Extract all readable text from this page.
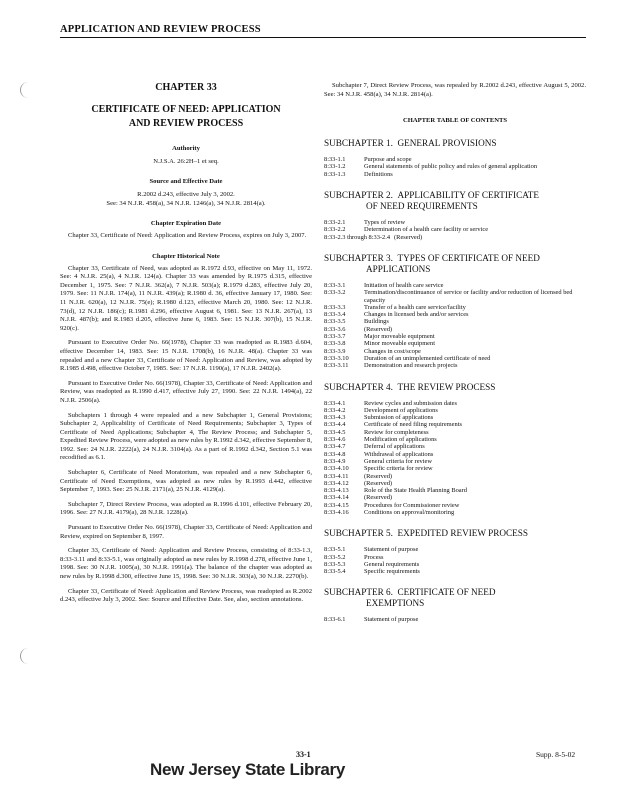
APPLICATION AND REVIEW PROCESS
CHAPTER 33
CERTIFICATE OF NEED: APPLICATION
AND REVIEW PROCESS
Authority
N.J.S.A. 26:2H–1 et seq.
Source and Effective Date
R.2002 d.243, effective July 3, 2002.
See: 34 N.J.R. 458(a), 34 N.J.R. 1246(a), 34 N.J.R. 2814(a).
Chapter Expiration Date

Chapter 33, Certificate of Need: Application and Review Process, expires on July 3, 2007.

Chapter Historical Note

Chapter 33, Certificate of Need, was adopted as R.1972 d.93, effective on May 11, 1972. See: 4 N.J.R. 25(a), 4 N.J.R. 124(a). Chapter 33 was amended by R.1975 d.315, effective December 1, 1975. See: 7 N.J.R. 362(a), 7 N.J.R. 503(a); R.1979 d.283, effective July 20, 1979. See: 11 N.J.R. 174(a), 11 N.J.R. 439(a); R.1980 d. 36, effective January 17, 1980. See: 11 N.J.R. 620(a), 12 N.J.R. 75(e); R.1980 d.123, effective March 20, 1980. See: 12 N.J.R. 73(d), 12 N.J.R. 186(c); R.1981 d.296, effective August 6, 1981. See: 13 N.J.R. 267(a), 13 N.J.R. 487(b); and R.1983 d.205, effective June 6, 1983. See: 15 N.J.R. 307(b), 15 N.J.R. 920(c).

Pursuant to Executive Order No. 66(1978), Chapter 33 was readopted as R.1983 d.604, effective December 14, 1983. See: 15 N.J.R. 1708(b), 16 N.J.R. 48(a). Chapter 33 was repealed and a new Chapter 33, Certificate of Need: Application and Review, was adopted by R.1985 d.498, effective October 7, 1985. See: 17 N.J.R. 1190(a), 17 N.J.R. 2402(a).

Pursuant to Executive Order No. 66(1978), Chapter 33, Certificate of Need: Application and Review, was readopted as R.1990 d.417, effective July 27, 1990. See: 22 N.J.R. 1494(a), 22 N.J.R. 2506(a).

Subchapters 1 through 4 were repealed and a new Subchapter 1, General Provisions; Subchapter 2, Applicability of Certificate of Need Requirements; Subchapter 3, Types of Certificate of Need Applications; Subchapter 4, The Review Process; and Subchapter 5, Expedited Review Process, were adopted as new rules by R.1992 d.342, effective September 8, 1992. See: 24 N.J.R. 2222(a), 24 N.J.R. 3104(a). As a part of R.1992 d.342, Section 5.1 was recodified as 6.1.

Subchapter 6, Certificate of Need Moratorium, was repealed and a new Subchapter 6, Certificate of Need Exemptions, was adopted as new rules by R.1993 d.442, effective September 7, 1993. See: 25 N.J.R. 2171(a), 25 N.J.R. 4129(a).

Subchapter 7, Direct Review Process, was adopted as R.1996 d.101, effective February 20, 1996. See: 27 N.J.R. 4179(a), 28 N.J.R. 1228(a).

Pursuant to Executive Order No. 66(1978), Chapter 33, Certificate of Need: Application and Review, expired on September 8, 1997.

Chapter 33, Certificate of Need: Application and Review Process, consisting of 8:33-1.3, 8:33-3.11 and 8:33-5.1, was originally adopted as new rules by R.1998 d.278, effective June 1, 1998. See: 30 N.J.R. 1005(a), 30 N.J.R. 1991(a). The balance of the chapter was adopted as new rules by R.1998 d.300, effective June 15, 1998. See: 30 N.J.R. 303(a), 30 N.J.R. 2270(b).

Chapter 33, Certificate of Need: Application and Review Process, was readopted as R.2002 d.243, effective July 3, 2002. See: Source and Effective Date. See, also, section annotations.

Subchapter 7, Direct Review Process, was repealed by R.2002 d.243, effective August 5, 2002. See: 34 N.J.R. 458(a), 34 N.J.R. 2814(a).

CHAPTER TABLE OF CONTENTS
SUBCHAPTER 1. GENERAL PROVISIONS
8:33-1.1	Purpose and scope
8:33-1.2	General statements of public policy and rules of general application
8:33-1.3	Definitions
SUBCHAPTER 2. APPLICABILITY OF CERTIFICATE
OF NEED REQUIREMENTS
8:33-2.1	Types of review
8:33-2.2	Determination of a health care facility or service
8:33-2.3 through 8:33-2.4 (Reserved)
SUBCHAPTER 3. TYPES OF CERTIFICATE OF NEED
APPLICATIONS
8:33-3.1	Initiation of health care service
8:33-3.2	Termination/discontinuance of service or facility and/or reduction of licensed bed capacity
8:33-3.3	Transfer of a health care service/facility
8:33-3.4	Changes in licensed beds and/or services
8:33-3.5	Buildings
8:33-3.6	(Reserved)
8:33-3.7	Major moveable equipment
8:33-3.8	Minor moveable equipment
8:33-3.9	Changes in cost/scope
8:33-3.10	Duration of an unimplemented certificate of need
8:33-3.11	Demonstration and research projects
SUBCHAPTER 4. THE REVIEW PROCESS
8:33-4.1	Review cycles and submission dates
8:33-4.2	Development of applications
8:33-4.3	Submission of applications
8:33-4.4	Certificate of need filing requirements
8:33-4.5	Review for completeness
8:33-4.6	Modification of applications
8:33-4.7	Deferral of applications
8:33-4.8	Withdrawal of applications
8:33-4.9	General criteria for review
8:33-4.10	Specific criteria for review
8:33-4.11	(Reserved)
8:33-4.12	(Reserved)
8:33-4.13	Role of the State Health Planning Board
8:33-4.14	(Reserved)
8:33-4.15	Procedures for Commissioner review
8:33-4.16	Conditions on approval/monitoring
SUBCHAPTER 5. EXPEDITED REVIEW PROCESS
8:33-5.1	Statement of purpose
8:33-5.2	Process
8:33-5.3	General requirements
8:33-5.4	Specific requirements
SUBCHAPTER 6. CERTIFICATE OF NEED
EXEMPTIONS
8:33-6.1	Statement of purpose
33-1	Supp. 8-5-02
New Jersey State Library
